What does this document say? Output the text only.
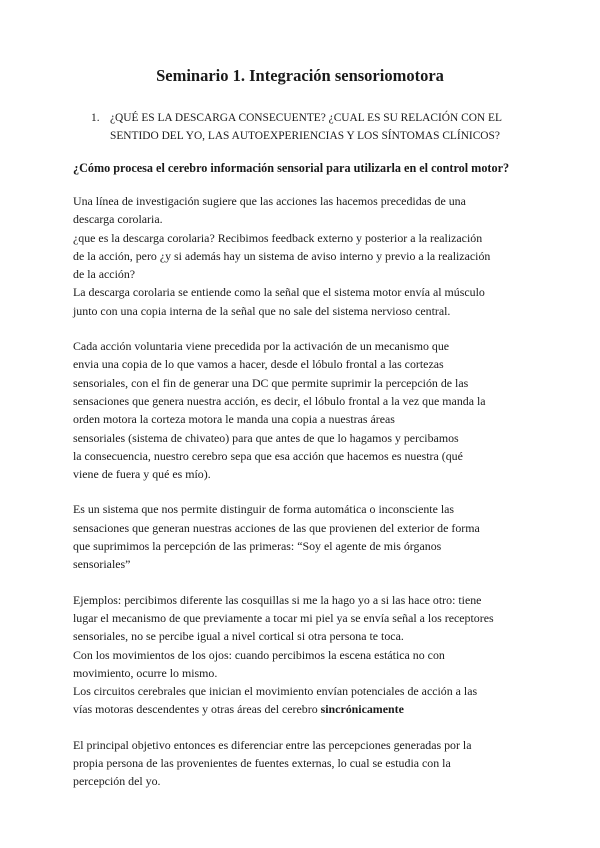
Seminario 1. Integración sensoriomotora
1. ¿QUÉ ES LA DESCARGA CONSECUENTE? ¿CUAL ES SU RELACIÓN CON EL
SENTIDO DEL YO, LAS AUTOEXPERIENCIAS Y LOS SÍNTOMAS CLÍNICOS?
¿Cómo procesa el cerebro información sensorial para utilizarla en el control motor?

Una línea de investigación sugiere que las acciones las hacemos precedidas de una
descarga corolaria.
¿que es la descarga corolaria? Recibimos feedback externo y posterior a la realización
de la acción, pero ¿y si además hay un sistema de aviso interno y previo a la realización
de la acción?
La descarga corolaria se entiende como la señal que el sistema motor envía al músculo
junto con una copia interna de la señal que no sale del sistema nervioso central.

Cada acción voluntaria viene precedida por la activación de un mecanismo que
envia una copia de lo que vamos a hacer, desde el lóbulo frontal a las cortezas
sensoriales, con el fin de generar una DC que permite suprimir la percepción de las
sensaciones que genera nuestra acción, es decir, el lóbulo frontal a la vez que manda la
orden motora la corteza motora le manda una copia a nuestras áreas
sensoriales (sistema de chivateo) para que antes de que lo hagamos y percibamos
la consecuencia, nuestro cerebro sepa que esa acción que hacemos es nuestra (qué
viene de fuera y qué es mío).

Es un sistema que nos permite distinguir de forma automática o inconsciente las
sensaciones que generan nuestras acciones de las que provienen del exterior de forma
que suprimimos la percepción de las primeras: “Soy el agente de mis órganos
sensoriales”

Ejemplos: percibimos diferente las cosquillas si me la hago yo a si las hace otro: tiene
lugar el mecanismo de que previamente a tocar mi piel ya se envía señal a los receptores
sensoriales, no se percibe igual a nivel cortical si otra persona te toca.
Con los movimientos de los ojos: cuando percibimos la escena estática no con
movimiento, ocurre lo mismo.
Los circuitos cerebrales que inician el movimiento envían potenciales de acción a las
vías motoras descendentes y otras áreas del cerebro sincrónicamente

El principal objetivo entonces es diferenciar entre las percepciones generadas por la
propia persona de las provenientes de fuentes externas, lo cual se estudia con la
percepción del yo.
